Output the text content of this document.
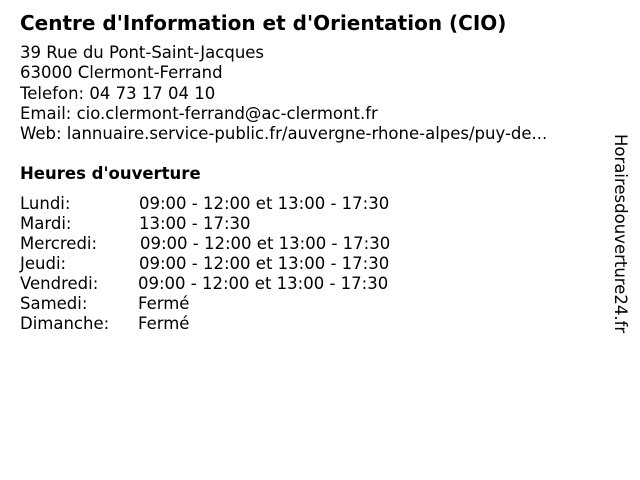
Centre d'Information et d'Orientation (CIO)
39 Rue du Pont-Saint-Jacques
63000 Clermont-Ferrand
Telefon: 04 73 17 04 10
Email: cio.clermont-ferrand@ac-clermont.fr
Web: lannuaire.service-public.fr/auvergne-rhone-alpes/puy-de...
Heures d'ouverture
Lundi:	09:00 - 12:00 et 13:00 - 17:30
Mardi:	13:00 - 17:30
Mercredi:	09:00 - 12:00 et 13:00 - 17:30
Jeudi:	09:00 - 12:00 et 13:00 - 17:30
Vendredi: 09:00 - 12:00 et 13:00 - 17:30
Samedi:	Fermé
Dimanche: Fermé	Horairesdouverture24.fr
